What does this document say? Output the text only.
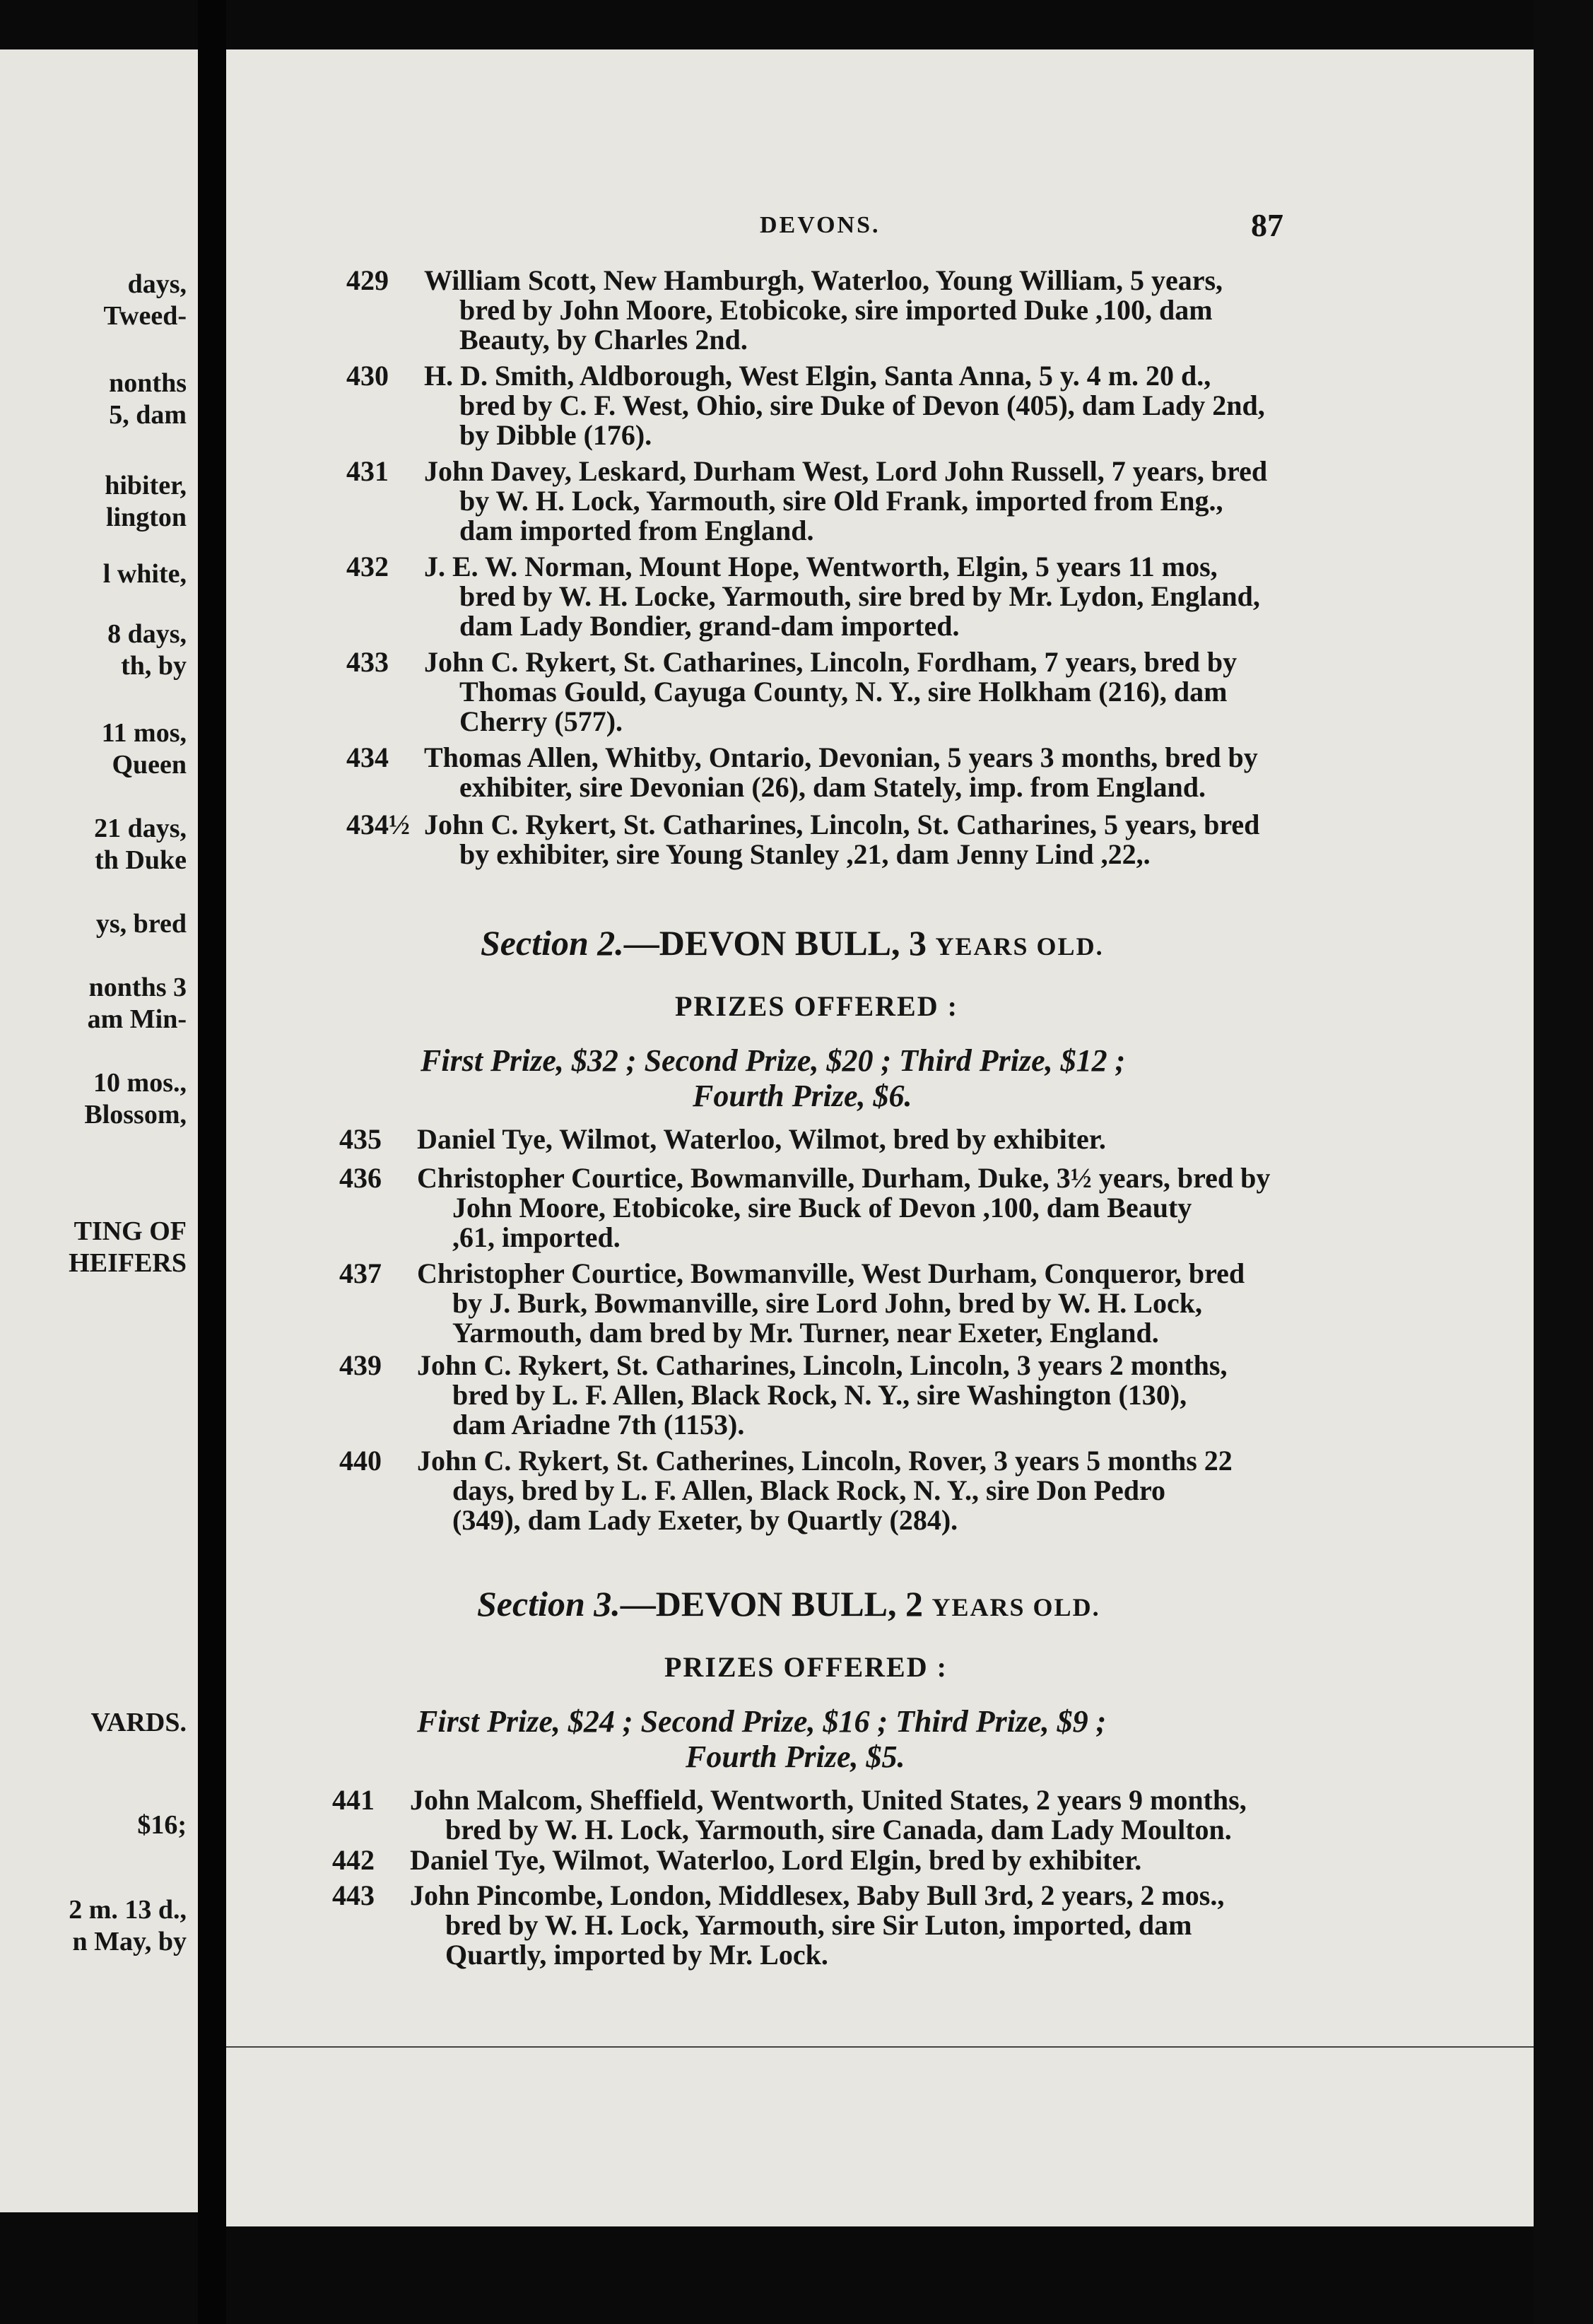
days,
Tweed-
nonths
5, dam
hibiter,
lington
l white,
8 days,
th, by
11 mos,
Queen
21 days,
th Duke
ys, bred
nonths 3
am Min-
10 mos.,
Blossom,
TING OF
HEIFERS
VARDS.
$16;
2 m. 13 d.,
n May, by
DEVONS.	87
Section 2.—DEVON BULL, 3 YEARS OLD.
PRIZES OFFERED :
First Prize, $32 ; Second Prize, $20 ; Third Prize, $12 ;
Fourth Prize, $6.
Section 3.—DEVON BULL, 2 YEARS OLD.
PRIZES OFFERED :
First Prize, $24 ; Second Prize, $16 ; Third Prize, $9 ;
Fourth Prize, $5.
429	William Scott, New Hamburgh, Waterloo, Young William, 5 years,
bred by John Moore, Etobicoke, sire imported Duke ,100, dam
Beauty, by Charles 2nd.
430	H. D. Smith, Aldborough, West Elgin, Santa Anna, 5 y. 4 m. 20 d.,
bred by C. F. West, Ohio, sire Duke of Devon (405), dam Lady 2nd,
by Dibble (176).
431	John Davey, Leskard, Durham West, Lord John Russell, 7 years, bred
by W. H. Lock, Yarmouth, sire Old Frank, imported from Eng.,
dam imported from England.
432	J. E. W. Norman, Mount Hope, Wentworth, Elgin, 5 years 11 mos,
bred by W. H. Locke, Yarmouth, sire bred by Mr. Lydon, England,
dam Lady Bondier, grand-dam imported.
433	John C. Rykert, St. Catharines, Lincoln, Fordham, 7 years, bred by
Thomas Gould, Cayuga County, N. Y., sire Holkham (216), dam
Cherry (577).
434	Thomas Allen, Whitby, Ontario, Devonian, 5 years 3 months, bred by
exhibiter, sire Devonian (26), dam Stately, imp. from England.
434½ John C. Rykert, St. Catharines, Lincoln, St. Catharines, 5 years, bred
by exhibiter, sire Young Stanley ,21, dam Jenny Lind ,22,.
435	Daniel Tye, Wilmot, Waterloo, Wilmot, bred by exhibiter.
436	Christopher Courtice, Bowmanville, Durham, Duke, 3½ years, bred by
John Moore, Etobicoke, sire Buck of Devon ,100, dam Beauty
,61, imported.
437	Christopher Courtice, Bowmanville, West Durham, Conqueror, bred
by J. Burk, Bowmanville, sire Lord John, bred by W. H. Lock,
Yarmouth, dam bred by Mr. Turner, near Exeter, England.
439	John C. Rykert, St. Catharines, Lincoln, Lincoln, 3 years 2 months,
bred by L. F. Allen, Black Rock, N. Y., sire Washington (130),
dam Ariadne 7th (1153).
440	John C. Rykert, St. Catherines, Lincoln, Rover, 3 years 5 months 22
days, bred by L. F. Allen, Black Rock, N. Y., sire Don Pedro
(349), dam Lady Exeter, by Quartly (284).
441	John Malcom, Sheffield, Wentworth, United States, 2 years 9 months,
bred by W. H. Lock, Yarmouth, sire Canada, dam Lady Moulton.
442	Daniel Tye, Wilmot, Waterloo, Lord Elgin, bred by exhibiter.
443	John Pincombe, London, Middlesex, Baby Bull 3rd, 2 years, 2 mos.,
bred by W. H. Lock, Yarmouth, sire Sir Luton, imported, dam
Quartly, imported by Mr. Lock.
